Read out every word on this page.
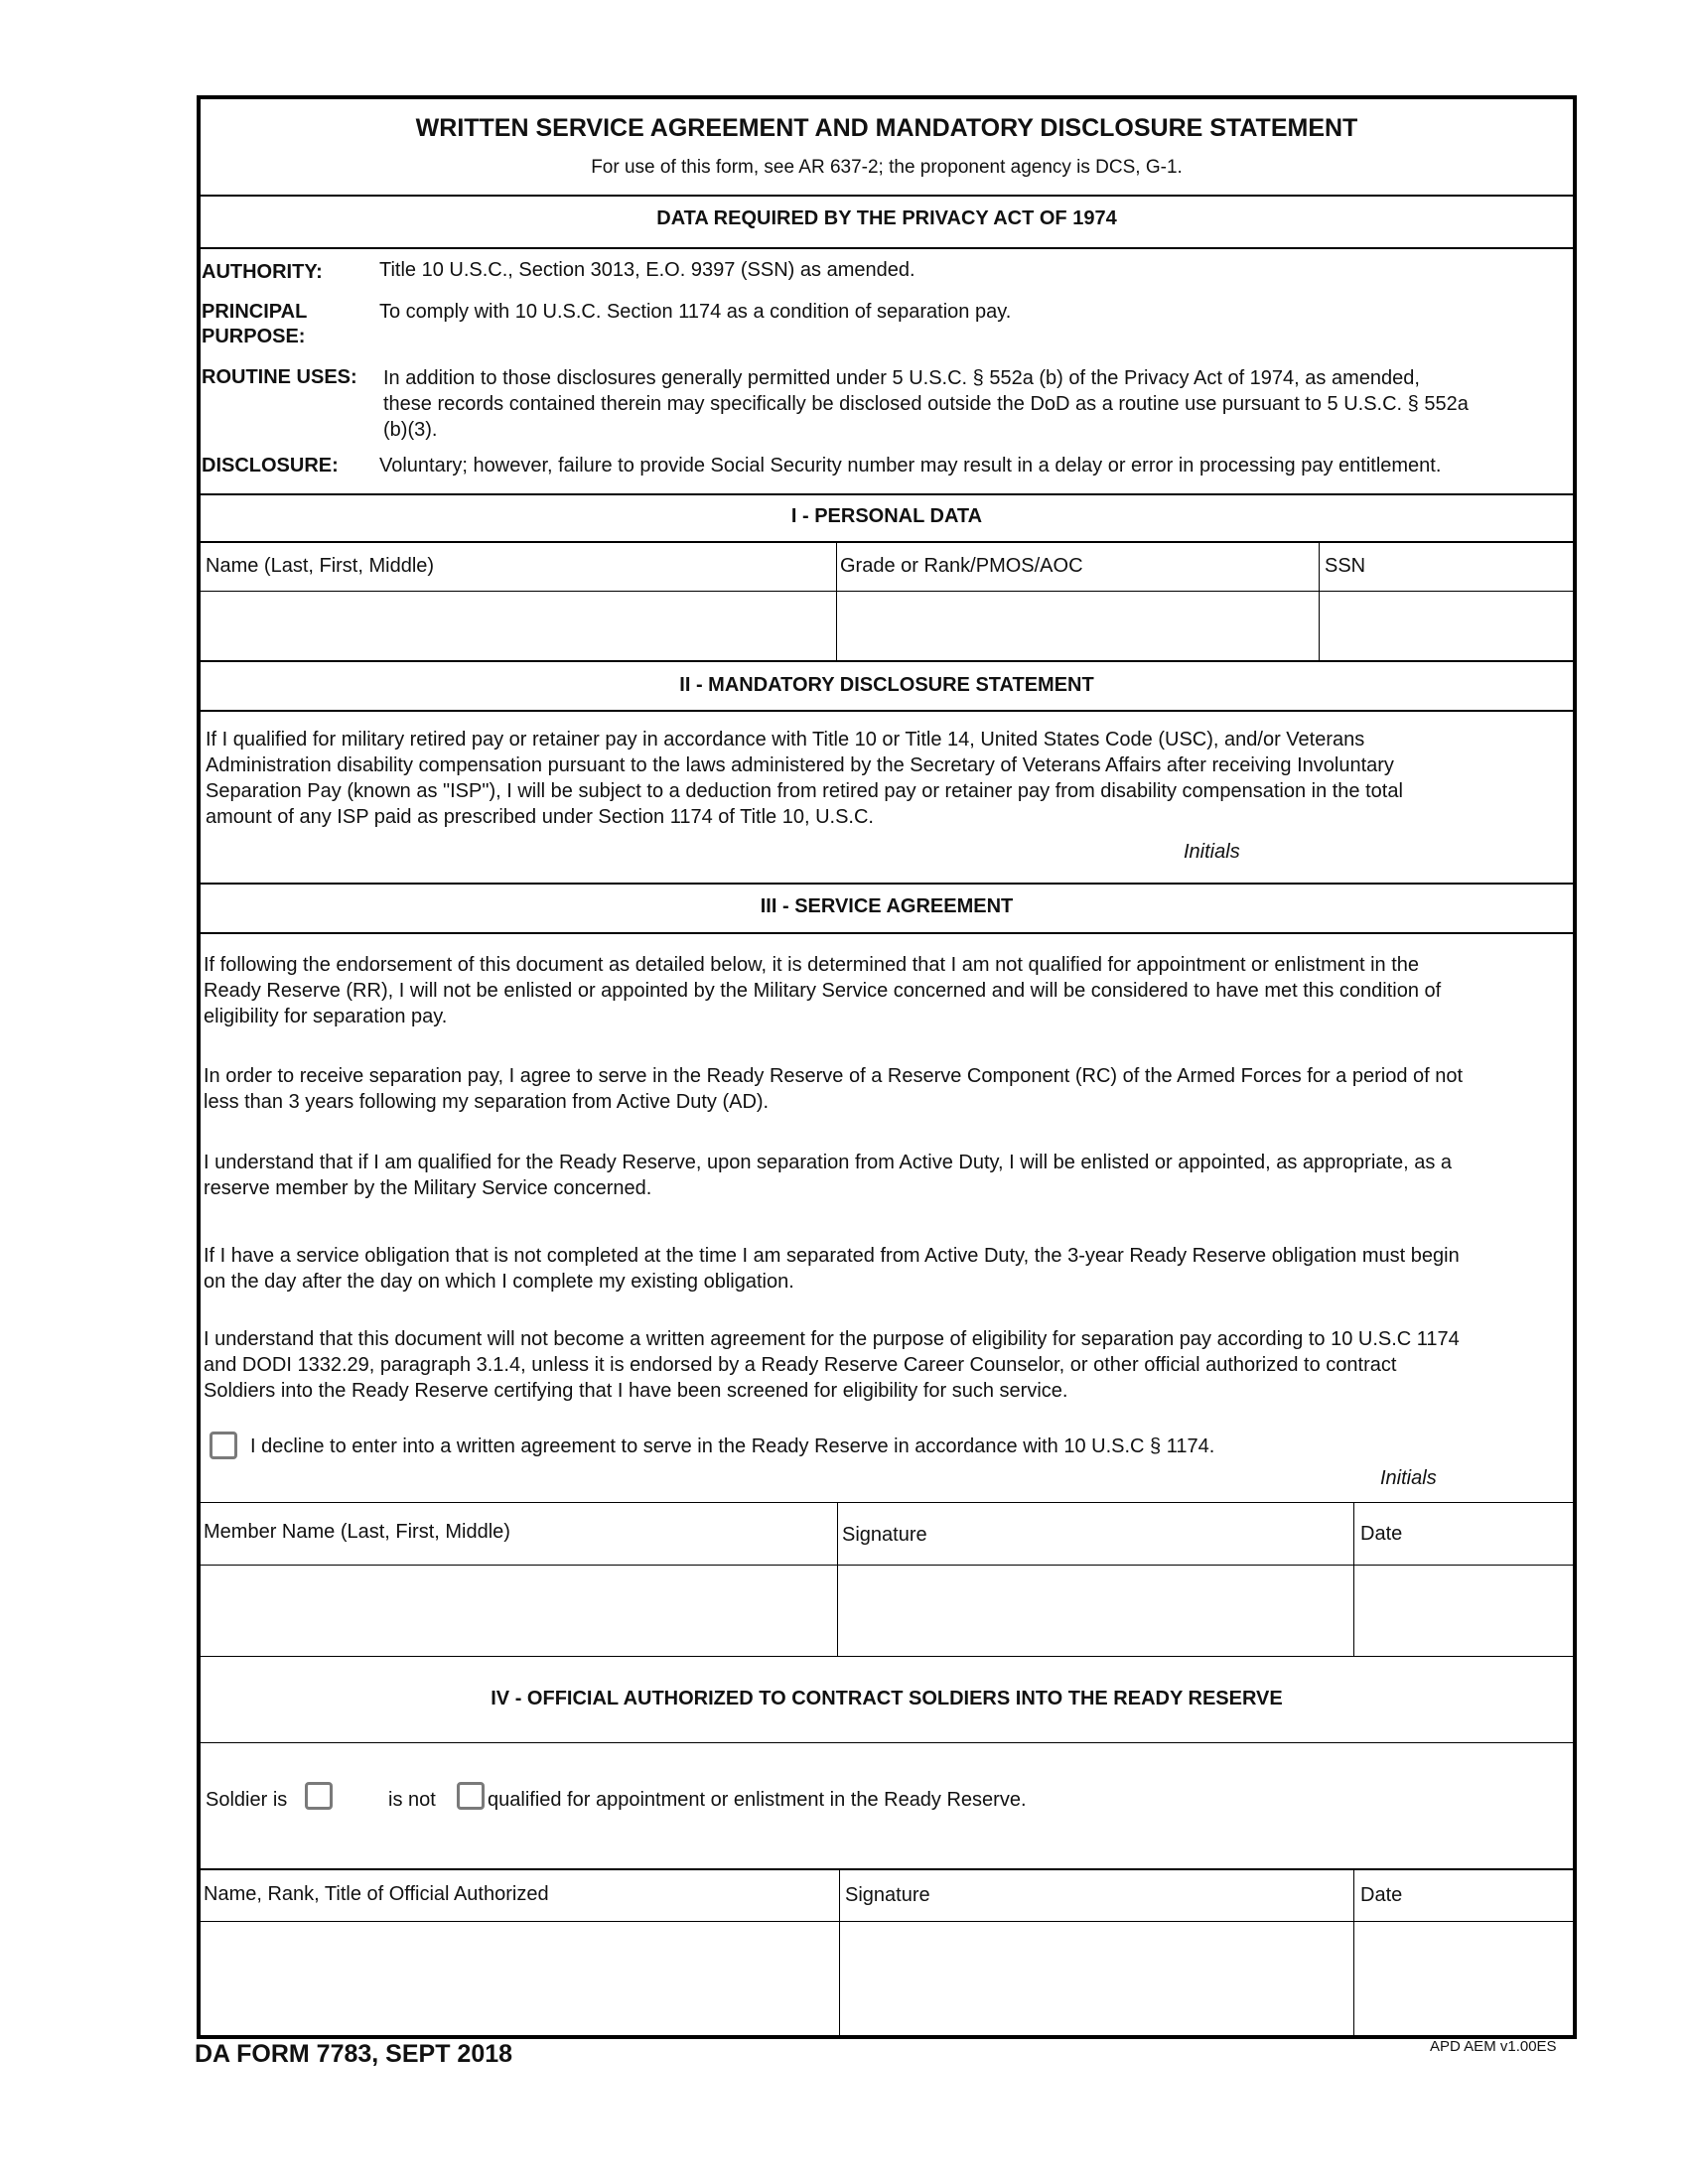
WRITTEN SERVICE AGREEMENT AND MANDATORY DISCLOSURE STATEMENT
For use of this form, see AR 637-2; the proponent agency is DCS, G-1.
DATA REQUIRED BY THE PRIVACY ACT OF 1974
AUTHORITY:	Title 10 U.S.C., Section 3013, E.O. 9397 (SSN) as amended.
PRINCIPAL
PURPOSE:
To comply with 10 U.S.C. Section 1174 as a condition of separation pay.
ROUTINE USES: In addition to those disclosures generally permitted under 5 U.S.C. § 552a (b) of the Privacy Act of 1974, as amended,
these records contained therein may specifically be disclosed outside the DoD as a routine use pursuant to 5 U.S.C. § 552a
(b)(3).
DISCLOSURE: Voluntary; however, failure to provide Social Security number may result in a delay or error in processing pay entitlement.
I - PERSONAL DATA
Name (Last, First, Middle)	Grade or Rank/PMOS/AOC	SSN
II - MANDATORY DISCLOSURE STATEMENT
If I qualified for military retired pay or retainer pay in accordance with Title 10 or Title 14, United States Code (USC), and/or Veterans
Administration disability compensation pursuant to the laws administered by the Secretary of Veterans Affairs after receiving Involuntary
Separation Pay (known as "ISP"), I will be subject to a deduction from retired pay or retainer pay from disability compensation in the total
amount of any ISP paid as prescribed under Section 1174 of Title 10, U.S.C.
Initials
III - SERVICE AGREEMENT
If following the endorsement of this document as detailed below, it is determined that I am not qualified for appointment or enlistment in the
Ready Reserve (RR), I will not be enlisted or appointed by the Military Service concerned and will be considered to have met this condition of
eligibility for separation pay.
In order to receive separation pay, I agree to serve in the Ready Reserve of a Reserve Component (RC) of the Armed Forces for a period of not
less than 3 years following my separation from Active Duty (AD).
I understand that if I am qualified for the Ready Reserve, upon separation from Active Duty, I will be enlisted or appointed, as appropriate, as a
reserve member by the Military Service concerned.
If I have a service obligation that is not completed at the time I am separated from Active Duty, the 3-year Ready Reserve obligation must begin
on the day after the day on which I complete my existing obligation.
I understand that this document will not become a written agreement for the purpose of eligibility for separation pay according to 10 U.S.C 1174
and DODI 1332.29, paragraph 3.1.4, unless it is endorsed by a Ready Reserve Career Counselor, or other official authorized to contract
Soldiers into the Ready Reserve certifying that I have been screened for eligibility for such service.
I decline to enter into a written agreement to serve in the Ready Reserve in accordance with 10 U.S.C § 1174.
Initials
Member Name (Last, First, Middle)	Signature	Date
IV - OFFICIAL AUTHORIZED TO CONTRACT SOLDIERS INTO THE READY RESERVE
Soldier is	is not	qualified for appointment or enlistment in the Ready Reserve.
Name, Rank, Title of Official Authorized	Signature	Date
DA FORM 7783, SEPT 2018	APD AEM v1.00ES
